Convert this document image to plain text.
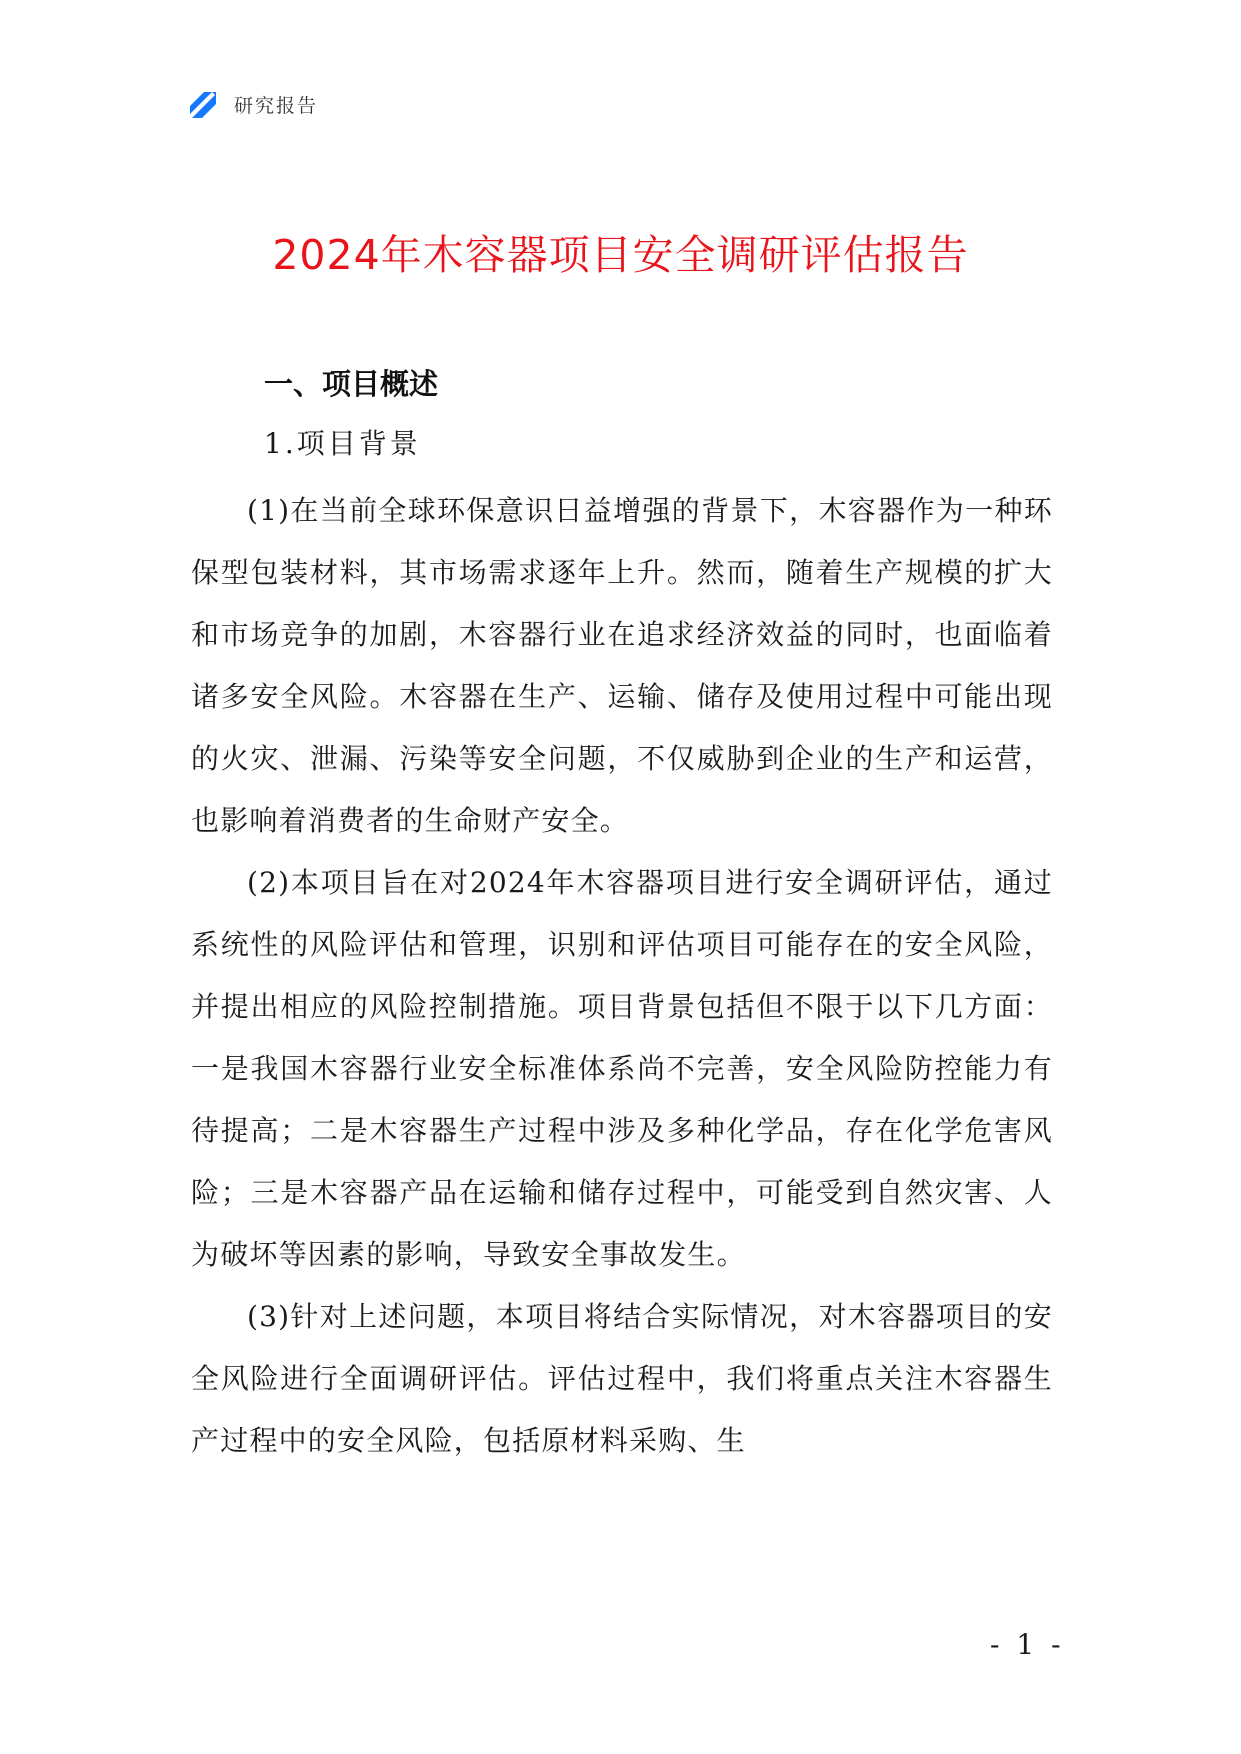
研究报告
2024年木容器项目安全调研评估报告
一、项目概述
1.项目背景

(1)在当前全球环保意识日益增强的背景下，木容器作为一种环保型包装材料，其市场需求逐年上升。然而，随着生产规模的扩大和市场竞争的加剧，木容器行业在追求经济效益的同时，也面临着诸多安全风险。木容器在生产、运输、储存及使用过程中可能出现的火灾、泄漏、污染等安全问题，不仅威胁到企业的生产和运营，也影响着消费者的生命财产安全。

(2)本项目旨在对2024年木容器项目进行安全调研评估，通过系统性的风险评估和管理，识别和评估项目可能存在的安全风险，并提出相应的风险控制措施。项目背景包括但不限于以下几方面：一是我国木容器行业安全标准体系尚不完善，安全风险防控能力有待提高；二是木容器生产过程中涉及多种化学品，存在化学危害风险；三是木容器产品在运输和储存过程中，可能受到自然灾害、人为破坏等因素的影响，导致安全事故发生。

(3)针对上述问题，本项目将结合实际情况，对木容器项目的安全风险进行全面调研评估。评估过程中，我们将重点关注木容器生产过程中的安全风险，包括原材料采购、生

- 1 -
